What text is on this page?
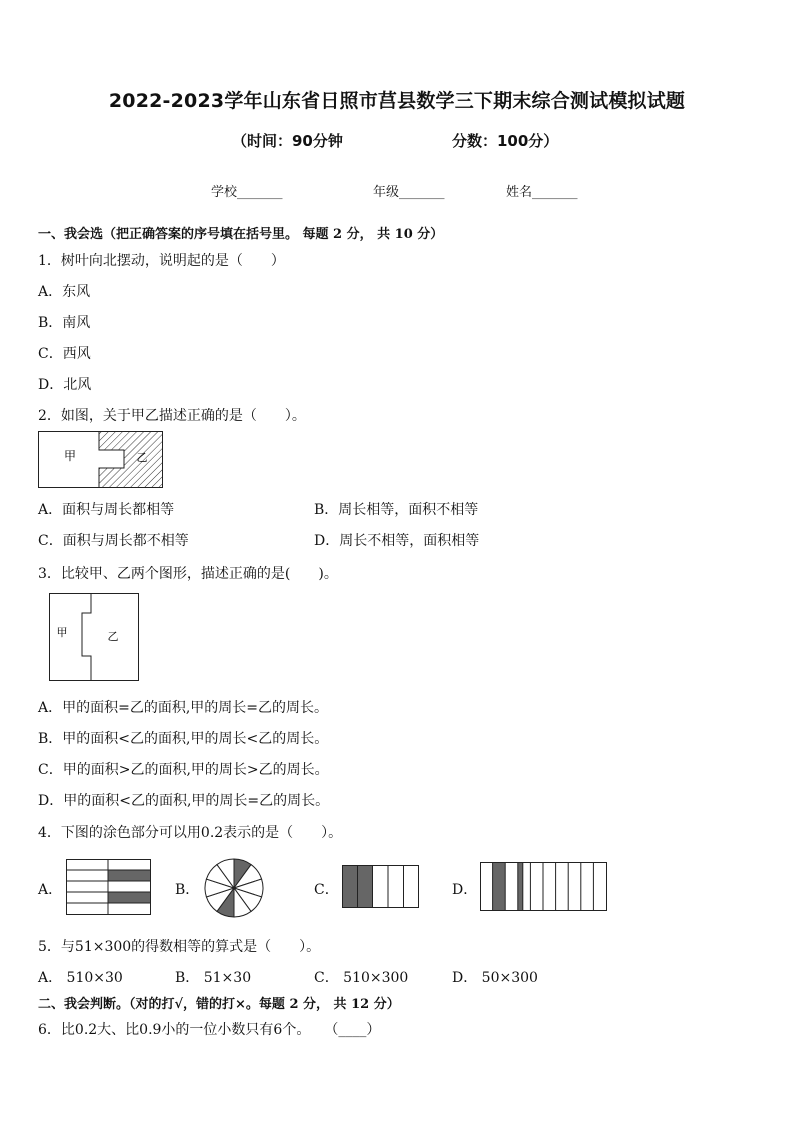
2022-2023学年山东省日照市莒县数学三下期末综合测试模拟试题
（时间：90分钟	分数：100分）
学校_______	年级_______	姓名_______
一、我会选（把正确答案的序号填在括号里。 每题 2 分， 共 10 分）
1．树叶向北摆动，说明起的是（　　）
A．东风
B．南风
C．西风
D．北风
2．如图，关于甲乙描述正确的是（　　）。
甲	乙
A．面积与周长都相等	B．周长相等，面积不相等
C．面积与周长都不相等	D．周长不相等，面积相等
3．比较甲、乙两个图形，描述正确的是(　　)。
甲	乙
A．甲的面积=乙的面积,甲的周长=乙的周长。
B．甲的面积<乙的面积,甲的周长<乙的周长。
C．甲的面积>乙的面积,甲的周长>乙的周长。
D．甲的面积<乙的面积,甲的周长=乙的周长。
4．下图的涂色部分可以用0.2表示的是（　　）。
A．	B．	C．	D．
5．与51×300的得数相等的算式是（　　）。
A． 510×30	B． 51×30	C． 510×300	D． 50×300
二、我会判断。（对的打√，错的打×。每题 2 分， 共 12 分）
6．比0.2大、比0.9小的一位小数只有6个。　　（____）
